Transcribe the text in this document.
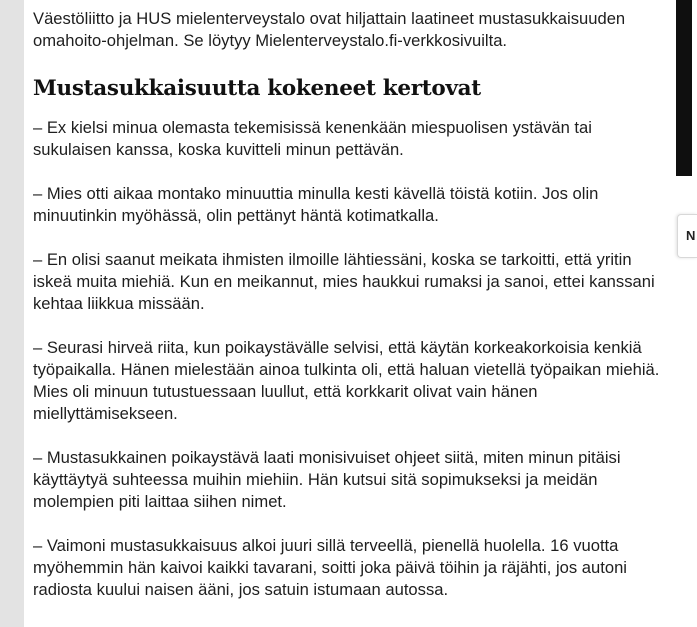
Väestöliitto ja HUS mielenterveystalo ovat hiljattain laatineet mustasukkaisuuden omahoito-ohjelman. Se löytyy Mielenterveystalo.fi-verkkosivuilta.

Mustasukkaisuutta kokeneet kertovat

– Ex kielsi minua olemasta tekemisissä kenenkään miespuolisen ystävän tai sukulaisen kanssa, koska kuvitteli minun pettävän.

– Mies otti aikaa montako minuuttia minulla kesti kävellä töistä kotiin. Jos olin minuutinkin myöhässä, olin pettänyt häntä kotimatkalla.

– En olisi saanut meikata ihmisten ilmoille lähtiessäni, koska se tarkoitti, että yritin iskeä muita miehiä. Kun en meikannut, mies haukkui rumaksi ja sanoi, ettei kanssani kehtaa liikkua missään.

– Seurasi hirveä riita, kun poikaystävälle selvisi, että käytän korkeakorkoisia kenkiä työpaikalla. Hänen mielestään ainoa tulkinta oli, että haluan vietellä työpaikan miehiä. Mies oli minuun tutustuessaan luullut, että korkkarit olivat vain hänen miellyttämisekseen.

– Mustasukkainen poikaystävä laati monisivuiset ohjeet siitä, miten minun pitäisi käyttäytyä suhteessa muihin miehiin. Hän kutsui sitä sopimukseksi ja meidän molempien piti laittaa siihen nimet.

– Vaimoni mustasukkaisuus alkoi juuri sillä terveellä, pienellä huolella. 16 vuotta myöhemmin hän kaivoi kaikki tavarani, soitti joka päivä töihin ja räjähti, jos autoni radiosta kuului naisen ääni, jos satuin istumaan autossa.

N
